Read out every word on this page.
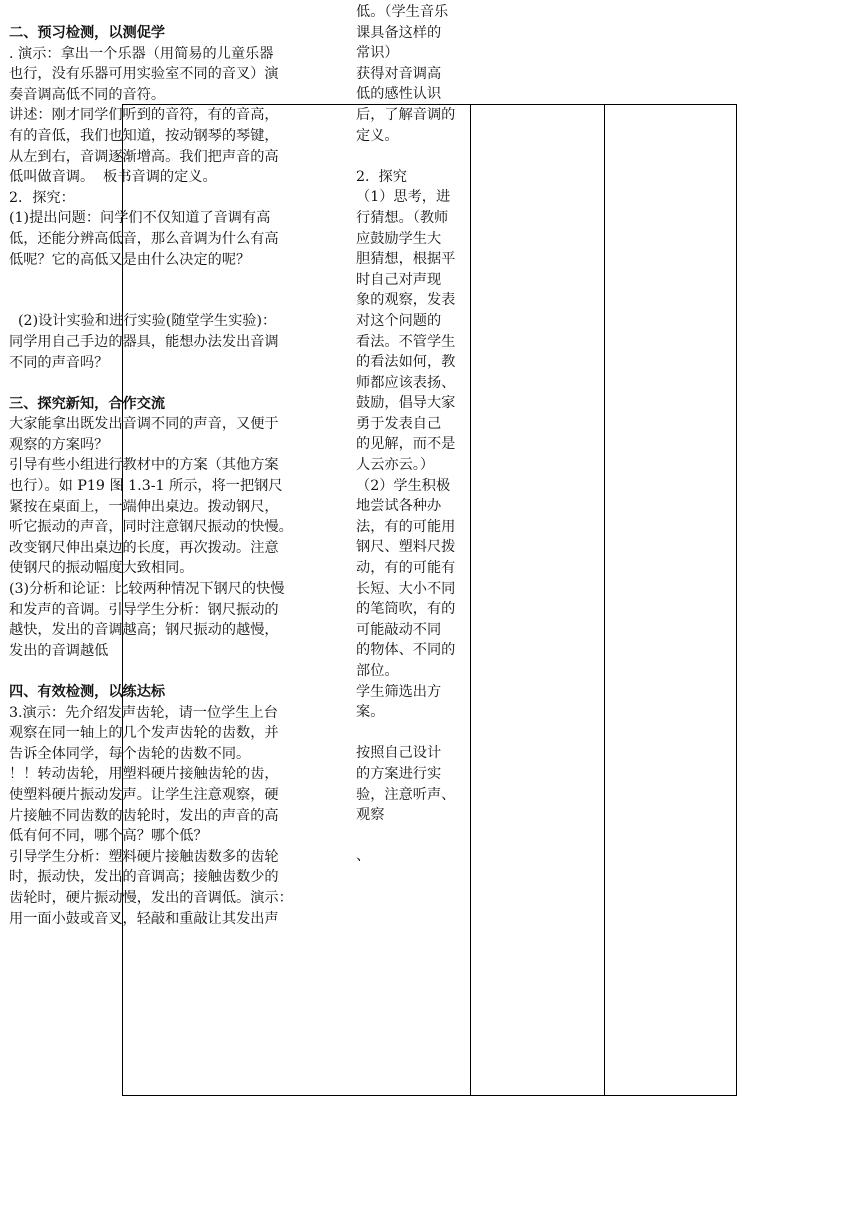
二、预习检测，以测促学
. 演示：拿出一个乐器（用简易的儿童乐器
也行，没有乐器可用实验室不同的音叉）演
奏音调高低不同的音符。
讲述：刚才同学们听到的音符，有的音高，
有的音低，我们也知道，按动钢琴的琴键，
从左到右，音调逐渐增高。我们把声音的高
低叫做音调。  板书音调的定义。
2．探究：
(1)提出问题：问学们不仅知道了音调有高
低，还能分辨高低音，那么音调为什么有高
低呢？它的高低又是由什么决定的呢？
(2)设计实验和进行实验(随堂学生实验)：
同学用自己手边的器具，能想办法发出音调
不同的声音吗？
三、探究新知，合作交流
大家能拿出既发出音调不同的声音，又便于
观察的方案吗？
引导有些小组进行教材中的方案（其他方案
也行）。如 P19 图 1.3-1 所示，将一把钢尺
紧按在桌面上，一端伸出桌边。拨动钢尺，
听它振动的声音，同时注意钢尺振动的快慢。
改变钢尺伸出桌边的长度，再次拨动。注意
使钢尺的振动幅度大致相同。
(3)分析和论证：比较两种情况下钢尺的快慢
和发声的音调。引导学生分析：钢尺振动的
越快，发出的音调越高；钢尺振动的越慢，
发出的音调越低
四、有效检测，以练达标
3.演示：先介绍发声齿轮，请一位学生上台
观察在同一轴上的几个发声齿轮的齿数，并
告诉全体同学，每个齿轮的齿数不同。
！！转动齿轮，用塑料硬片接触齿轮的齿，
使塑料硬片振动发声。让学生注意观察，硬
片接触不同齿数的齿轮时，发出的声音的高
低有何不同，哪个高？哪个低？
引导学生分析：塑料硬片接触齿数多的齿轮
时，振动快，发出的音调高；接触齿数少的
齿轮时，硬片振动慢，发出的音调低。演示：
用一面小鼓或音叉，轻敲和重敲让其发出声
低。（学生音乐
课具备这样的
常识）
获得对音调高
低的感性认识
后，了解音调的
定义。
2.  探究
（1）思考，进
行猜想。（教师
应鼓励学生大
胆猜想，根据平
时自己对声现
象的观察，发表
对这个问题的
看法。不管学生
的看法如何，教
师都应该表扬、
鼓励，倡导大家
勇于发表自己
的见解，而不是
人云亦云。）
（2）学生积极
地尝试各种办
法，有的可能用
钢尺、塑料尺拨
动，有的可能有
长短、大小不同
的笔筒吹，有的
可能敲动不同
的物体、不同的
部位。
学生筛选出方
案。
按照自己设计
的方案进行实
验，注意听声、
观察
、
